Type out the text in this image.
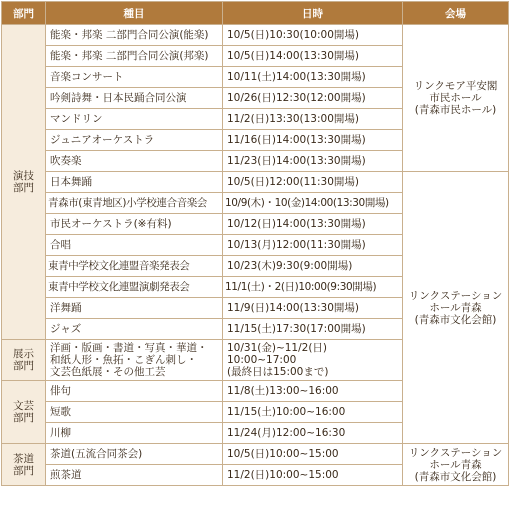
部門	種目	日時	会場	

演技
部門	能楽・邦楽 二部門合同公演(能楽)	10/5(日)10:30(10:00開場)	リンクモア平安閣
市民ホール
(青森市民ホール)	

	能楽・邦楽 二部門合同公演(邦楽)	10/5(日)14:00(13:30開場)		
	音楽コンサート	10/11(土)14:00(13:30開場)		
	吟剣詩舞・日本民踊合同公演	10/26(日)12:30(12:00開場)		
	マンドリン	11/2(日)13:30(13:00開場)		
	ジュニアオーケストラ	11/16(日)14:00(13:30開場)		
	吹奏楽	11/23(日)14:00(13:30開場)		
	日本舞踊	10/5(日)12:00(11:30開場)	リンクステーション
ホール青森
(青森市文化会館)	

	青森市(東青地区)小学校連合音楽会	10/9(木)・10(金)14:00(13:30開場)		
	市民オーケストラ(※有料)	10/12(日)14:00(13:30開場)		
	合唱	10/13(月)12:00(11:30開場)		
	東青中学校文化連盟音楽発表会	10/23(木)9:30(9:00開場)		
	東青中学校文化連盟演劇発表会	11/1(土)・2(日)10:00(9:30開場)		
	洋舞踊	11/9(日)14:00(13:30開場)		
	ジャズ	11/15(土)17:30(17:00開場)		

展示
部門	洋画・版画・書道・写真・華道・
和紙人形・魚拓・こぎん刺し・
文芸色紙展・その他工芸	10/31(金)~11/2(日)
10:00~17:00
(最終日は15:00まで)		

文芸
部門	俳句	11/8(土)13:00~16:00		
	短歌	11/15(土)10:00~16:00		
	川柳	11/24(月)12:00~16:30	

茶道
部門	茶道(五流合同茶会)	10/5(日)10:00~15:00	リンクステーション
ホール青森
(青森市文化会館)	

	煎茶道	11/2(日)10:00~15:00		
